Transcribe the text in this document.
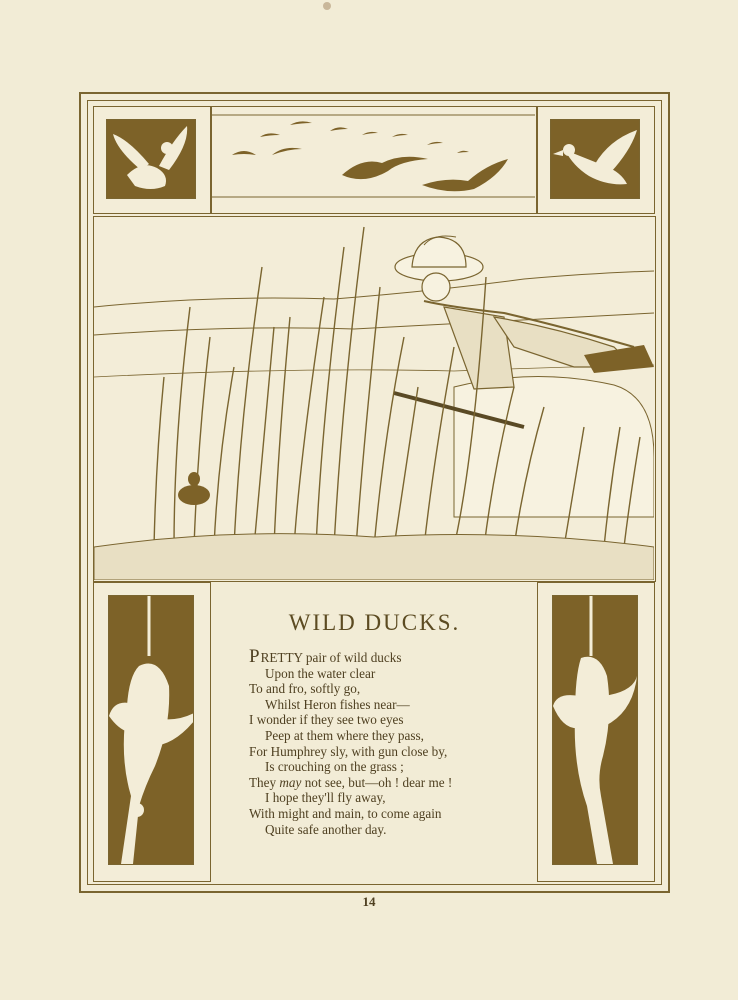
WILD DUCKS.
PRETTY pair of wild ducks
Upon the water clear
To and fro, softly go,
Whilst Heron fishes near—
I wonder if they see two eyes
Peep at them where they pass,
For Humphrey sly, with gun close by,
Is crouching on the grass ;
They may not see, but—oh ! dear me !
I hope they'll fly away,
With might and main, to come again
Quite safe another day.
14
